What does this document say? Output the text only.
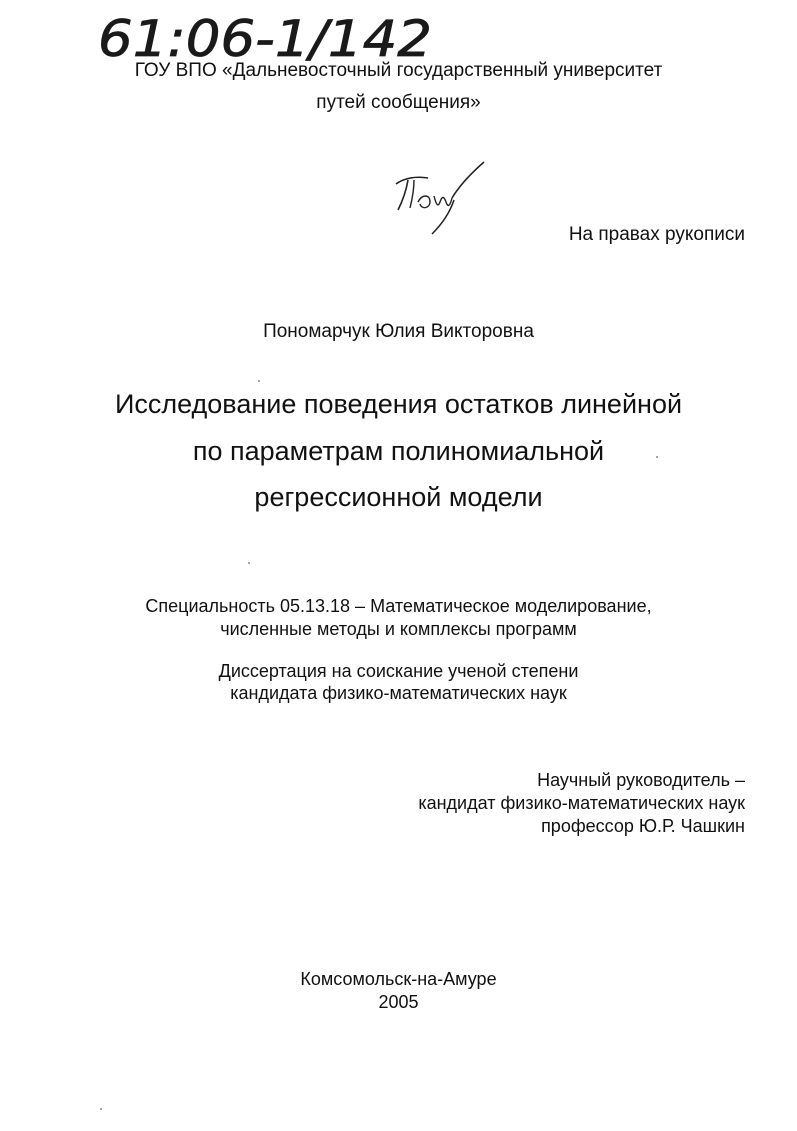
61:06-1/142
ГОУ ВПО «Дальневосточный государственный университет
путей сообщения»
На правах рукописи
Пономарчук Юлия Викторовна
Исследование поведения остатков линейной
по параметрам полиномиальной
регрессионной модели
Специальность 05.13.18 – Математическое моделирование,
численные методы и комплексы программ
Диссертация на соискание ученой степени
кандидата физико-математических наук
Научный руководитель –
кандидат физико-математических наук
профессор Ю.Р. Чашкин
Комсомольск-на-Амуре
2005
